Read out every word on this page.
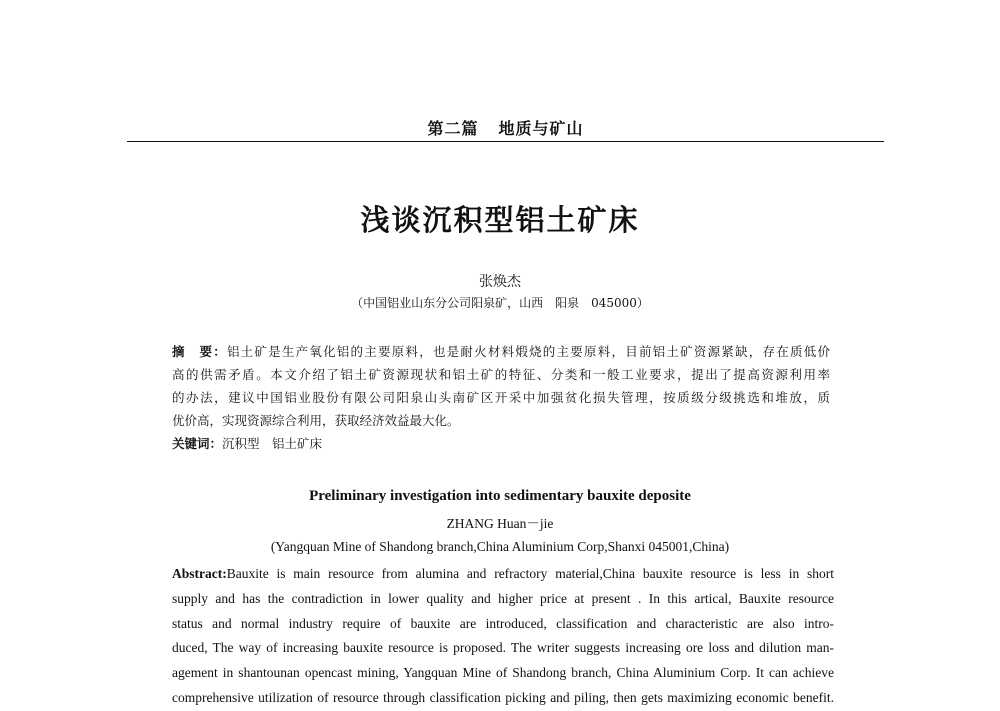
第二篇 地质与矿山
浅谈沉积型铝土矿床
张焕杰
（中国铝业山东分公司阳泉矿，山西　阳泉　045000）
摘　要：铝土矿是生产氧化铝的主要原料，也是耐火材料煅烧的主要原料，目前铝土矿资源紧缺，存在质低价
高的供需矛盾。本文介绍了铝土矿资源现状和铝土矿的特征、分类和一般工业要求，提出了提高资源利用率
的办法，建议中国铝业股份有限公司阳泉山头南矿区开采中加强贫化损失管理，按质级分级挑选和堆放，质
优价高，实现资源综合利用，获取经济效益最大化。
关键词：沉积型　铝土矿床
Preliminary investigation into sedimentary bauxite deposite
ZHANG Huan－jie
(Yangquan Mine of Shandong branch,China Aluminium Corp,Shanxi 045001,China)
Abstract:Bauxite is main resource from alumina and refractory material,China bauxite resource is less in short
supply and has the contradiction in lower quality and higher price at present . In this artical, Bauxite resource
status and normal industry require of bauxite are introduced, classification and characteristic are also intro-
duced, The way of increasing bauxite resource is proposed. The writer suggests increasing ore loss and dilution man-
agement in shantounan opencast mining, Yangquan Mine of Shandong branch, China Aluminium Corp. It can achieve
comprehensive utilization of resource through classification picking and piling, then gets maximizing economic benefit.
